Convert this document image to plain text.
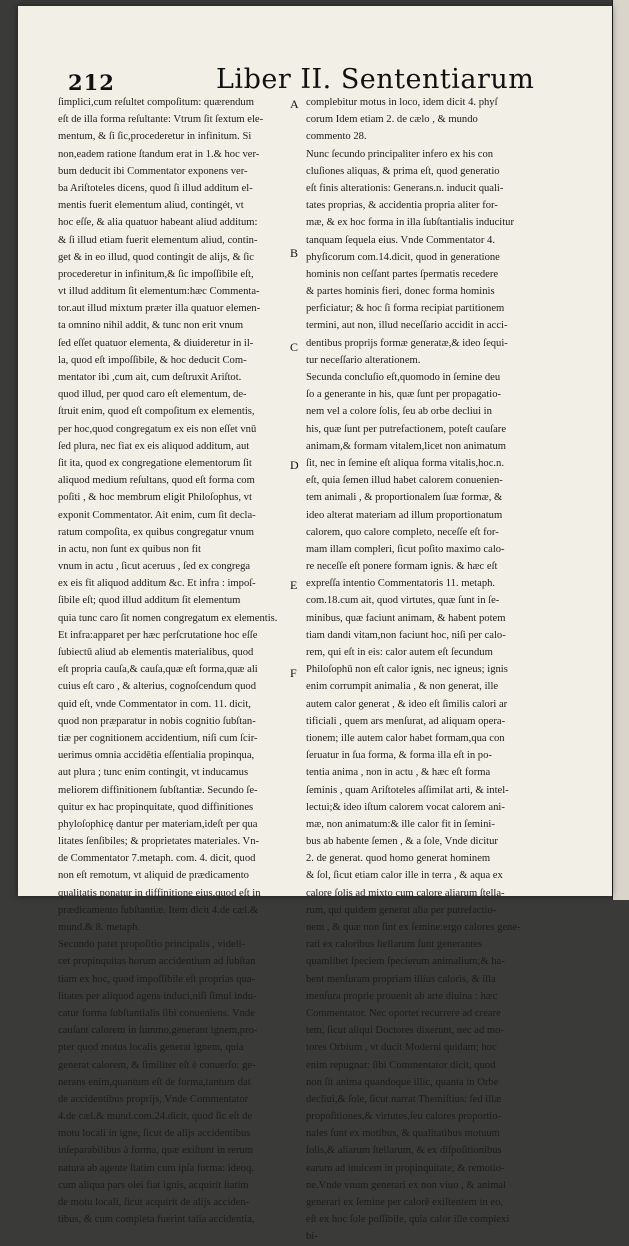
212	Liber II. Sententiarum
ſimplici,cum reſultet compoſitum: quærendum
eſt de illa forma reſultante: Vtrum ſit ſextum ele-
mentum, & ſi ſic,procederetur in infinitum. Si
non,eadem ratione ſtandum erat in 1.& hoc ver-
bum deducit ibi Commentator exponens ver-
ba Ariſtoteles dicens, quod ſi illud additum el-
mentis fuerit elementum aliud, contingét, vt
hoc eſſe, & alia quatuor habeant aliud additum:
& ſi illud etiam fuerit elementum aliud, contin-
get & in eo illud, quod contingit de alijs, & ſic
procederetur in infinitum,& ſic impoſſibile eſt,
vt illud additum ſit elementum:hæc Commenta-
tor.aut illud mixtum præter illa quatuor elemen-
ta omnino nihil addit, & tunc non erit vnum
ſed eſſet quatuor elementa, & diuideretur in il-
la, quod eſt impoſſibile, & hoc deducit Com-
mentator ibi ,cum ait, cum deſtruxit Ariſtot.
quod illud, per quod caro eſt elementum, de-
ſtruit enim, quod eſt compoſitum ex elementis,
per hoc,quod congregatum ex eis non eſſet vnū
ſed plura, nec fiat ex eis aliquod additum, aut
ſit ita, quod ex congregatione elementorum ſit
aliquod medium reſultans, quod eſt forma com
poſiti , & hoc membrum eligit Philoſophus, vt
exponit Commentator. Ait enim, cum ſit decla-
ratum compoſita, ex quibus congregatur vnum
in actu, non ſunt ex quibus non fit
vnum in actu , ſicut aceruus , ſed ex congrega
ex eis fit aliquod additum &c. Et infra : impoſ-
ſibile eſt; quod illud additum ſit elementum
quia tunc caro ſit nomen congregatum ex elementis.
Et infra:apparet per hæc perſcrutatione hoc eſſe
ſubiectū aliud ab elementis materialibus, quod
eſt propria cauſa,& cauſa,quæ eſt forma,quæ ali
cuius eſt caro , & alterius, cognoſcendum quod
quid eſt, vnde Commentator in com. 11. dicit,
quod non præparatur in nobis cognitio ſubſtan-
tiæ per cognitionem accidentium, niſi cum ſcir-
uerimus omnia accidētia eſſentialia propinqua,
aut plura ; tunc enim contingit, vt inducamus
meliorem diffinitionem ſubſtantiæ. Secundo ſe-
quitur ex hac propinquitate, quod diffinitiones
phyloſophicę dantur per materiam,ideſt per qua
litates ſenſibiles; & proprietates materiales. Vn-
de Commentator 7.metaph. com. 4. dicit, quod
non eſt remotum, vt aliquid de prædicamento
qualitatis ponatur in diffinitione eius,quod eſt in
prædicamento ſubſtantiæ. Item dicit 4.de cæl.&
mund.& 8. metaph.
Secundo patet propoſitio principalis , videli-
cet propinquitas horum accidentium ad ſubſtan
tiam ex hoc, quod impoſſibile eſt proprias qua-
litates per aliquod agens induci,niſi ſimul indu-
catur forma ſubſtantialis ſibi conueniens. Vnde
cauſant calorem in ſummo,generant ignem,pro-
pter quod motus localis generat ignem, quia
generat calorem, & ſimiliter eſt è conuerſo: ge-
nerans enim,quantum eſt de forma,tantum dat
de accidentibus proprijs, Vnde Commentator
4.de cæl.& mund.com.24.dicit, quod ſic eſt de
motu locali in igne, ſicut de alijs accidentibus
inſeparabilibus à forma, quæ exiſtunt in rerum
natura ab agente ſtatim cum ipſa forma: ideoq.
cum aliqua pars olei fiat ignis, acquirit ſtatim
de motu locali, ſicut acquirit de alijs acciden-
tibus, & cum completa fuerint talia accidentia,
complebitur motus in loco, idem dicit 4. phyſ
corum Idem etiam 2. de cælo , & mundo
commento 28.
Nunc ſecundo principaliter infero ex his con
cluſiones aliquas, & prima eſt, quod generatio
eſt finis alterationis: Generans.n. inducit quali-
tates proprias, & accidentia propria aliter for-
mæ, & ex hoc forma in illa ſubſtantialis inducitur
tanquam ſequela eius. Vnde Commentator 4.
phyſicorum com.14.dicit, quod in generatione
hominis non ceſſant partes ſpermatis recedere
& partes hominis fieri, donec forma hominis
perficiatur; & hoc ſi forma recipiat partitionem
termini, aut non, illud neceſſario accidit in acci-
dentibus proprijs formæ generatæ,& ideo ſequi-
tur neceſſario alterationem.
Secunda concluſio eſt,quomodo in ſemine deu
ſo a generante in his, quæ ſunt per propagatio-
nem vel a colore ſolis, ſeu ab orbe decliui in
his, quæ ſunt per putrefactionem, poteſt cauſare
animam,& formam vitalem,licet non animatum
ſit, nec in ſemine eſt aliqua forma vitalis,hoc.n.
eſt, quia ſemen illud habet calorem conuenien-
tem animali , & proportionalem ſuæ formæ, &
ideo alterat materiam ad illum proportionatum
calorem, quo calore completo, neceſſe eſt for-
mam illam compleri, ſicut poſito maximo calo-
re neceſſe eſt ponere formam ignis. & hæc eſt
expreſſa intentio Commentatoris 11. metaph.
com.18.cum ait, quod virtutes, quæ ſunt in ſe-
minibus, quæ faciunt animam, & habent potem
tiam dandi vitam,non faciunt hoc, niſi per calo-
rem, qui eſt in eis: calor autem eſt ſecundum
Philoſophū non eſt calor ignis, nec igneus; ignis
enim corrumpit animalia , & non generat, ille
autem calor generat , & ideo eſt ſimilis calori ar
tificiali , quem ars menſurat, ad aliquam opera-
tionem; ille autem calor habet formam,qua con
ſeruatur in ſua forma, & forma illa eſt in po-
tentia anima , non in actu , & hæc eſt forma
ſeminis , quam Ariſtoteles aſſimilat arti, & intel-
lectui;& ideo iſtum calorem vocat calorem ani-
mæ, non animatum:& ille calor fit in ſemini-
bus ab habente ſemen , & a ſole, Vnde dicitur
2. de generat. quod homo generat hominem
& ſol, ſicut etiam calor ille in terra , & aqua ex
calore ſolis ad mixto cum calore aliarum ſtella-
rum, qui quidem generat alia per putrefactio-
nem , & quæ non ſint ex ſemine:ergo calores gene-
rati ex caloribus ſtellarum ſunt generantes
quamlibet ſpeciem ſpecierum animalium;& ha-
bent menſuram propriam illius caloris, & illa
menſura proprie prouenit ab arte diuina : hæc
Commentator. Nec oportet recurrere ad creare
tem, ſicut aliqui Doctores dixerunt, nec ad mo-
tores Orbium , vt ducit Moderni quidam; hoc
enim repugnat: ſibi Commentator dicit, quod
non ſit anima quandoque illic, quanta in Orbe
decliui,& ſole, ſicut narrat Themiſtius: ſed illæ
propoſitiones,& virtutes,ſeu calores proportio-
nales ſunt ex motibus, & qualitatibus motuum
ſolis,& aliarum ſtellarum, & ex diſpoſitionibus
earum ad inuicem in propinquitate, & remotio-
ne.Vnde vnum generari ex non viuo , & animal
generari ex ſemine per calorē exiſtentem in eo,
eſt ex hoc ſole poſſibile, quia calor ille complexi
bi-
A
B
C
D
E
F
